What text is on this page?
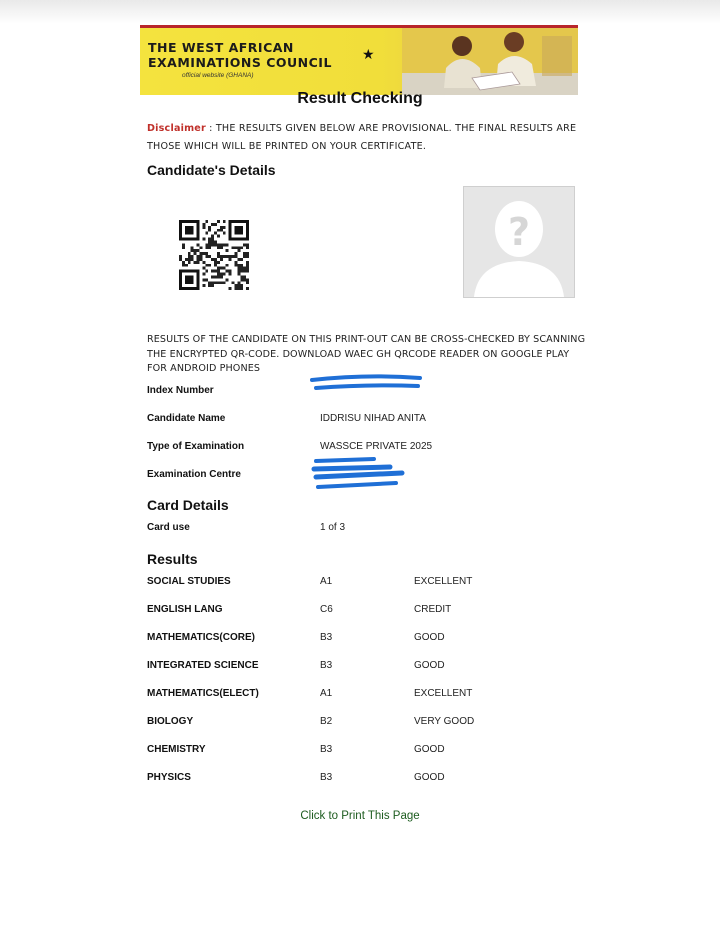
THE WEST AFRICAN
EXAMINATIONS COUNCIL
official website (GHANA)
★
Result Checking
Disclaimer : THE RESULTS GIVEN BELOW ARE PROVISIONAL. THE FINAL RESULTS ARE THOSE WHICH WILL BE PRINTED ON YOUR CERTIFICATE.
Candidate's Details
?
RESULTS OF THE CANDIDATE ON THIS PRINT-OUT CAN BE CROSS-CHECKED BY SCANNING THE ENCRYPTED QR-CODE. DOWNLOAD WAEC GH QRCODE READER ON GOOGLE PLAY FOR ANDROID PHONES
Index Number
Candidate Name	IDDRISU NIHAD ANITA
Type of Examination	WASSCE PRIVATE 2025
Examination Centre
Card Details
Card use	1 of 3
Results
SOCIAL STUDIES	A1	EXCELLENT
ENGLISH LANG	C6	CREDIT
MATHEMATICS(CORE)	B3	GOOD
INTEGRATED SCIENCE	B3	GOOD
MATHEMATICS(ELECT)	A1	EXCELLENT
BIOLOGY	B2	VERY GOOD
CHEMISTRY	B3	GOOD
PHYSICS	B3	GOOD
Click to Print This Page
